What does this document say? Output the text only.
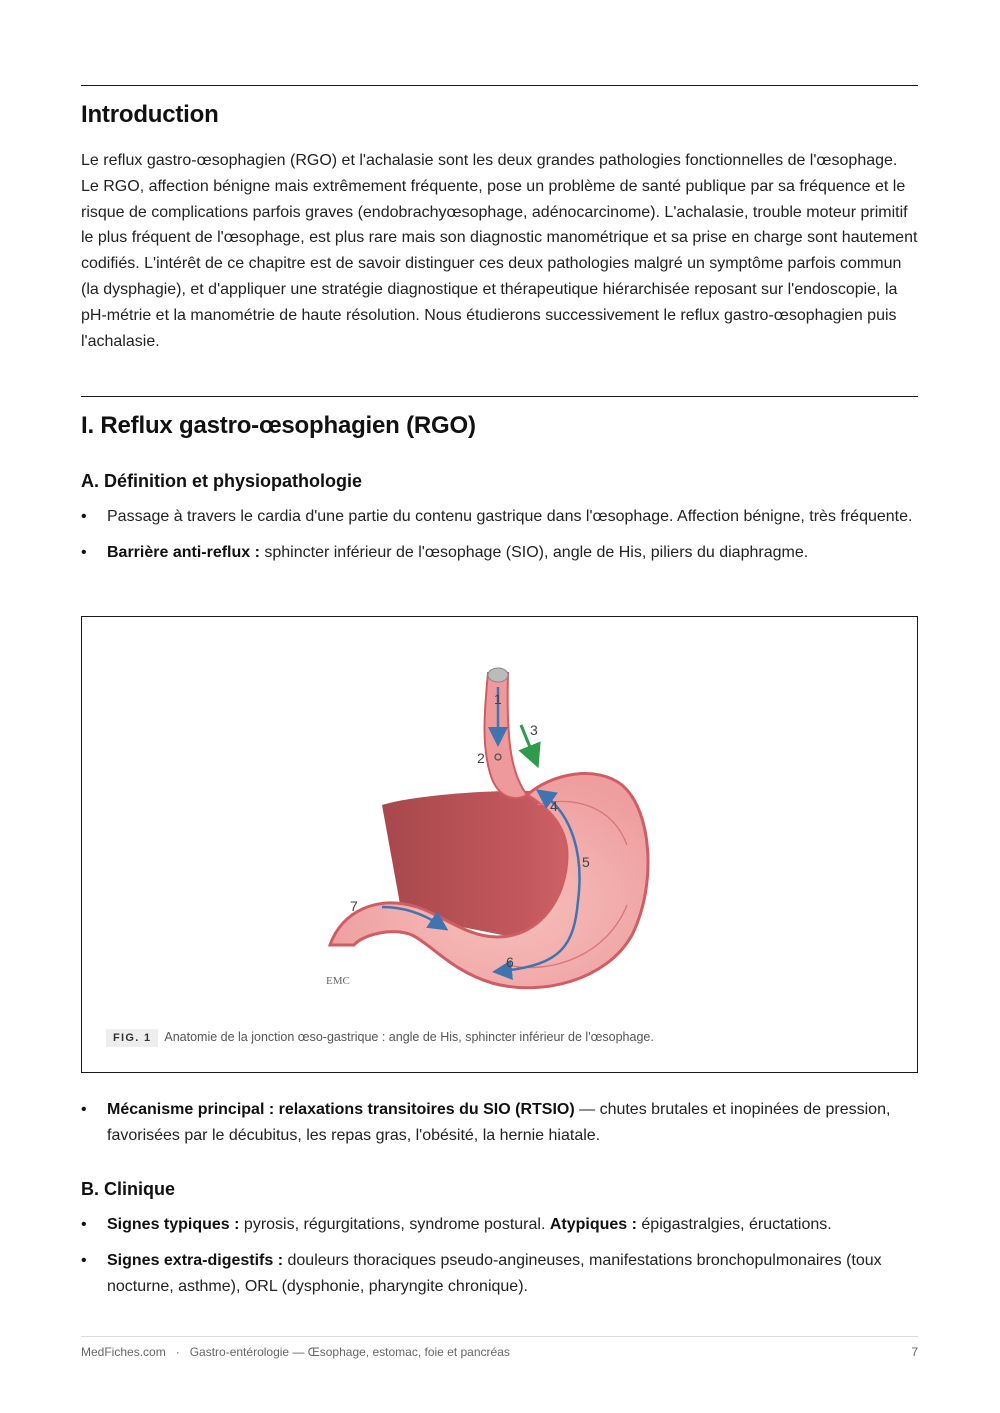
Introduction

Le reflux gastro-œsophagien (RGO) et l'achalasie sont les deux grandes pathologies fonctionnelles de l'œsophage. Le RGO, affection bénigne mais extrêmement fréquente, pose un problème de santé publique par sa fréquence et le risque de complications parfois graves (endobrachyœsophage, adénocarcinome). L'achalasie, trouble moteur primitif le plus fréquent de l'œsophage, est plus rare mais son diagnostic manométrique et sa prise en charge sont hautement codifiés. L'intérêt de ce chapitre est de savoir distinguer ces deux pathologies malgré un symptôme parfois commun (la dysphagie), et d'appliquer une stratégie diagnostique et thérapeutique hiérarchisée reposant sur l'endoscopie, la pH-métrie et la manométrie de haute résolution. Nous étudierons successivement le reflux gastro-œsophagien puis l'achalasie.

I. Reflux gastro-œsophagien (RGO)
A. Définition et physiopathologie
• Passage à travers le cardia d'une partie du contenu gastrique dans l'œsophage. Affection bénigne, très fréquente.
• Barrière anti-reflux : sphincter inférieur de l'œsophage (SIO), angle de His, piliers du diaphragme.
1
2
3
4
5
6
7
EMC
FIG. 1 Anatomie de la jonction œso-gastrique : angle de His, sphincter inférieur de l'œsophage.
• Mécanisme principal : relaxations transitoires du SIO (RTSIO) — chutes brutales et inopinées de pression, favorisées par le décubitus, les repas gras, l'obésité, la hernie hiatale.
B. Clinique
• Signes typiques : pyrosis, régurgitations, syndrome postural. Atypiques : épigastralgies, éructations.
• Signes extra-digestifs : douleurs thoraciques pseudo-angineuses, manifestations bronchopulmonaires (toux nocturne, asthme), ORL (dysphonie, pharyngite chronique).
MedFiches.com · Gastro-entérologie — Œsophage, estomac, foie et pancréas	7
